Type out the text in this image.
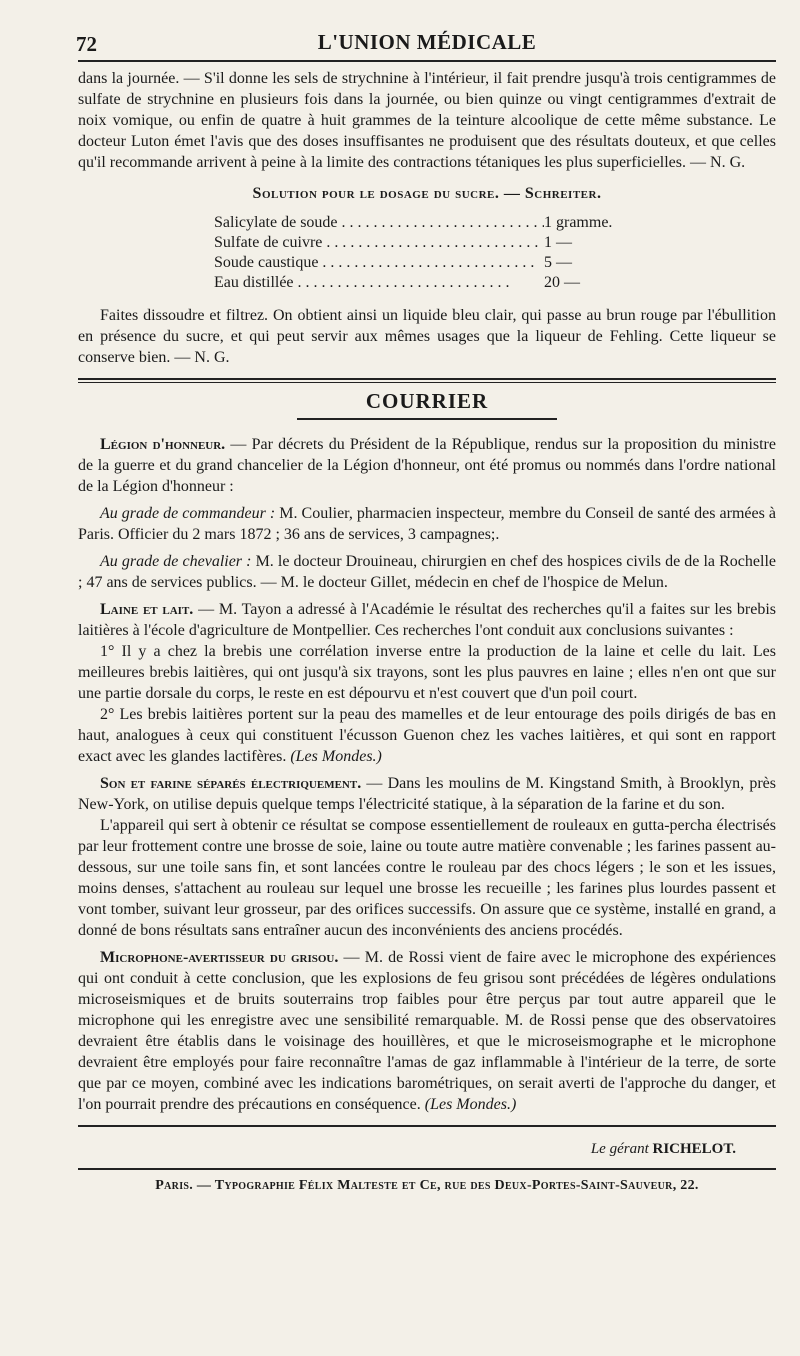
72	L'UNION MÉDICALE

dans la journée. — S'il donne les sels de strychnine à l'intérieur, il fait prendre jusqu'à trois centigrammes de sulfate de strychnine en plusieurs fois dans la journée, ou bien quinze ou vingt centigrammes d'extrait de noix vomique, ou enfin de quatre à huit grammes de la teinture alcoolique de cette même substance. Le docteur Luton émet l'avis que des doses insuffisantes ne produisent que des résultats douteux, et que celles qu'il recommande arrivent à peine à la limite des contractions tétaniques les plus superficielles. — N. G.

Solution pour le dosage du sucre. — Schreiter.
Salicylate de soude . . .	1 gramme.
Sulfate de cuivre . . .	1 —
Soude caustique . . .	5 —
Eau distillée . . .	20 —

Faites dissoudre et filtrez. On obtient ainsi un liquide bleu clair, qui passe au brun rouge par l'ébullition en présence du sucre, et qui peut servir aux mêmes usages que la liqueur de Fehling. Cette liqueur se conserve bien. — N. G.

COURRIER

Légion d'honneur. — Par décrets du Président de la République, rendus sur la proposition du ministre de la guerre et du grand chancelier de la Légion d'honneur, ont été promus ou nommés dans l'ordre national de la Légion d'honneur :

Au grade de commandeur : M. Coulier, pharmacien inspecteur, membre du Conseil de santé des armées à Paris. Officier du 2 mars 1872 ; 36 ans de services, 3 campagnes;.

Au grade de chevalier : M. le docteur Drouineau, chirurgien en chef des hospices civils de de la Rochelle ; 47 ans de services publics. — M. le docteur Gillet, médecin en chef de l'hospice de Melun.

Laine et lait. — M. Tayon a adressé à l'Académie le résultat des recherches qu'il a faites sur les brebis laitières à l'école d'agriculture de Montpellier. Ces recherches l'ont conduit aux conclusions suivantes :

1° Il y a chez la brebis une corrélation inverse entre la production de la laine et celle du lait. Les meilleures brebis laitières, qui ont jusqu'à six trayons, sont les plus pauvres en laine ; elles n'en ont que sur une partie dorsale du corps, le reste en est dépourvu et n'est couvert que d'un poil court.

2° Les brebis laitières portent sur la peau des mamelles et de leur entourage des poils dirigés de bas en haut, analogues à ceux qui constituent l'écusson Guenon chez les vaches laitières, et qui sont en rapport exact avec les glandes lactifères. (Les Mondes.)

Son et farine séparés électriquement. — Dans les moulins de M. Kingstand Smith, à Brooklyn, près New-York, on utilise depuis quelque temps l'électricité statique, à la séparation de la farine et du son.

L'appareil qui sert à obtenir ce résultat se compose essentiellement de rouleaux en gutta-percha électrisés par leur frottement contre une brosse de soie, laine ou toute autre matière convenable ; les farines passent au-dessous, sur une toile sans fin, et sont lancées contre le rouleau par des chocs légers ; le son et les issues, moins denses, s'attachent au rouleau sur lequel une brosse les recueille ; les farines plus lourdes passent et vont tomber, suivant leur grosseur, par des orifices successifs. On assure que ce système, installé en grand, a donné de bons résultats sans entraîner aucun des inconvénients des anciens procédés.

Microphone-avertisseur du grisou. — M. de Rossi vient de faire avec le microphone des expériences qui ont conduit à cette conclusion, que les explosions de feu grisou sont précédées de légères ondulations microseismiques et de bruits souterrains trop faibles pour être perçus par tout autre appareil que le microphone qui les enregistre avec une sensibilité remarquable. M. de Rossi pense que des observatoires devraient être établis dans le voisinage des houillères, et que le microseismographe et le microphone devraient être employés pour faire reconnaître l'amas de gaz inflammable à l'intérieur de la terre, de sorte que par ce moyen, combiné avec les indications barométriques, on serait averti de l'approche du danger, et l'on pourrait prendre des précautions en conséquence. (Les Mondes.)

Le gérant RICHELOT.
Paris. — Typographie Félix Malteste et Ce, rue des Deux-Portes-Saint-Sauveur, 22.
